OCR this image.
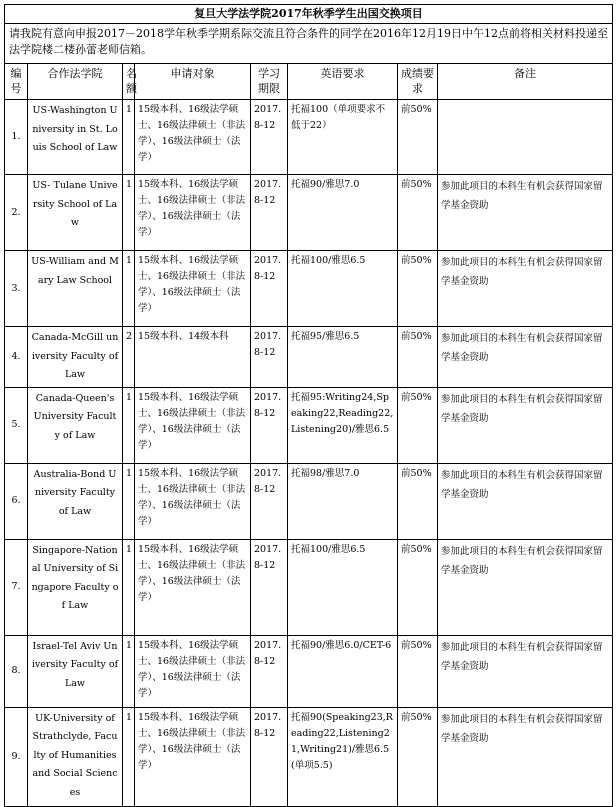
复旦大学法学院2017年秋季学生出国交换项目							
请我院有意向申报2017－2018学年秋季学期系际交流且符合条件的同学在2016年12月19日中午12点前将相关材料投递至法学院楼二楼孙蕾老师信箱。							
编号	合作法学院	名额	申请对象	学习期限	英语要求	成绩要求	备注
1.	US-Washington University in St. Louis School of Law	1	15级本科、16级法学硕士、16级法律硕士（非法学）、16级法律硕士（法学）	2017.8-12	托福100（单项要求不低于22）	前50%	
2.	US- Tulane University School of Law	1	15级本科、16级法学硕士、16级法律硕士（非法学）、16级法律硕士（法学）	2017.8-12	托福90/雅思7.0	前50%	参加此项目的本科生有机会获得国家留学基金资助
3.	US-William and Mary Law School	1	15级本科、16级法学硕士、16级法律硕士（非法学）、16级法律硕士（法学）	2017.8-12	托福100/雅思6.5	前50%	参加此项目的本科生有机会获得国家留学基金资助
4.	Canada-McGill university Faculty of Law	2	15级本科、14级本科	2017.8-12	托福95/雅思6.5	前50%	参加此项目的本科生有机会获得国家留学基金资助
5.	Canada-Queen's University Faculty of Law	1	15级本科、16级法学硕士、16级法律硕士（非法学）、16级法律硕士（法学）	2017.8-12	托福95:Writing24,Speaking22,Reading22,Listening20)/雅思6.5	前50%	参加此项目的本科生有机会获得国家留学基金资助
6.	Australia-Bond University Faculty of Law	1	15级本科、16级法学硕士、16级法律硕士（非法学）、16级法律硕士（法学）	2017.8-12	托福98/雅思7.0	前50%	参加此项目的本科生有机会获得国家留学基金资助
7.	Singapore-National University of Singapore Faculty of Law	1	15级本科、16级法学硕士、16级法律硕士（非法学）、16级法律硕士（法学）	2017.8-12	托福100/雅思6.5	前50%	参加此项目的本科生有机会获得国家留学基金资助
8.	Israel-Tel Aviv University Faculty of Law	1	15级本科、16级法学硕士、16级法律硕士（非法学）、16级法律硕士（法学）	2017.8-12	托福90/雅思6.0/CET-6	前50%	参加此项目的本科生有机会获得国家留学基金资助
9.	UK-University of Strathclyde, Faculty of Humanities and Social Sciences	1	15级本科、16级法学硕士、16级法律硕士（非法学）、16级法律硕士（法学）	2017.8-12	托福90(Speaking23,Reading22,Listening21,Writing21)/雅思6.5(单项5.5)	前50%	参加此项目的本科生有机会获得国家留学基金资助
